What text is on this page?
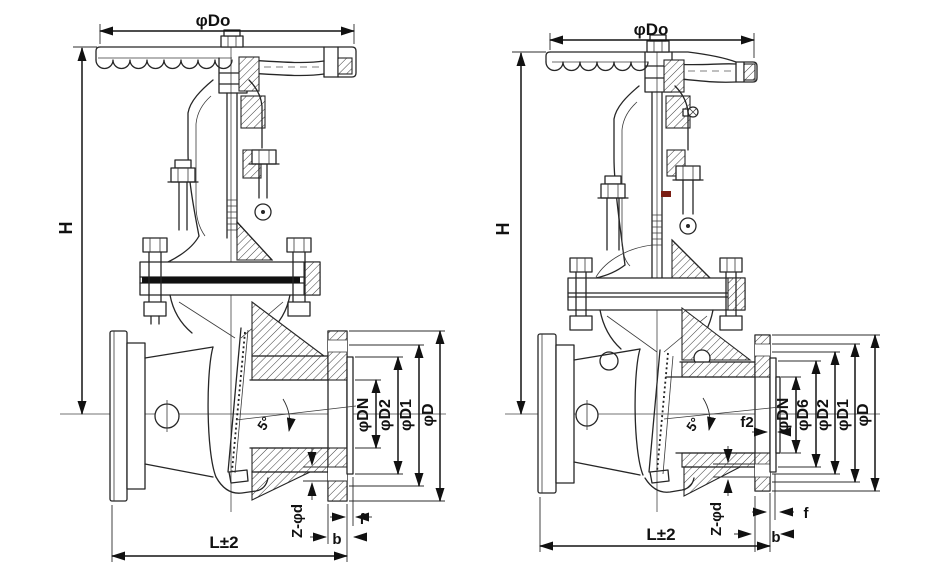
φDo
H
φDN φD2 φD1 φD
5°
Z-φd
b
f
L±2
φDo
H
φDN φD6 φD2 φD1 φD
5° f2
Z-φd
b
f
L±2
